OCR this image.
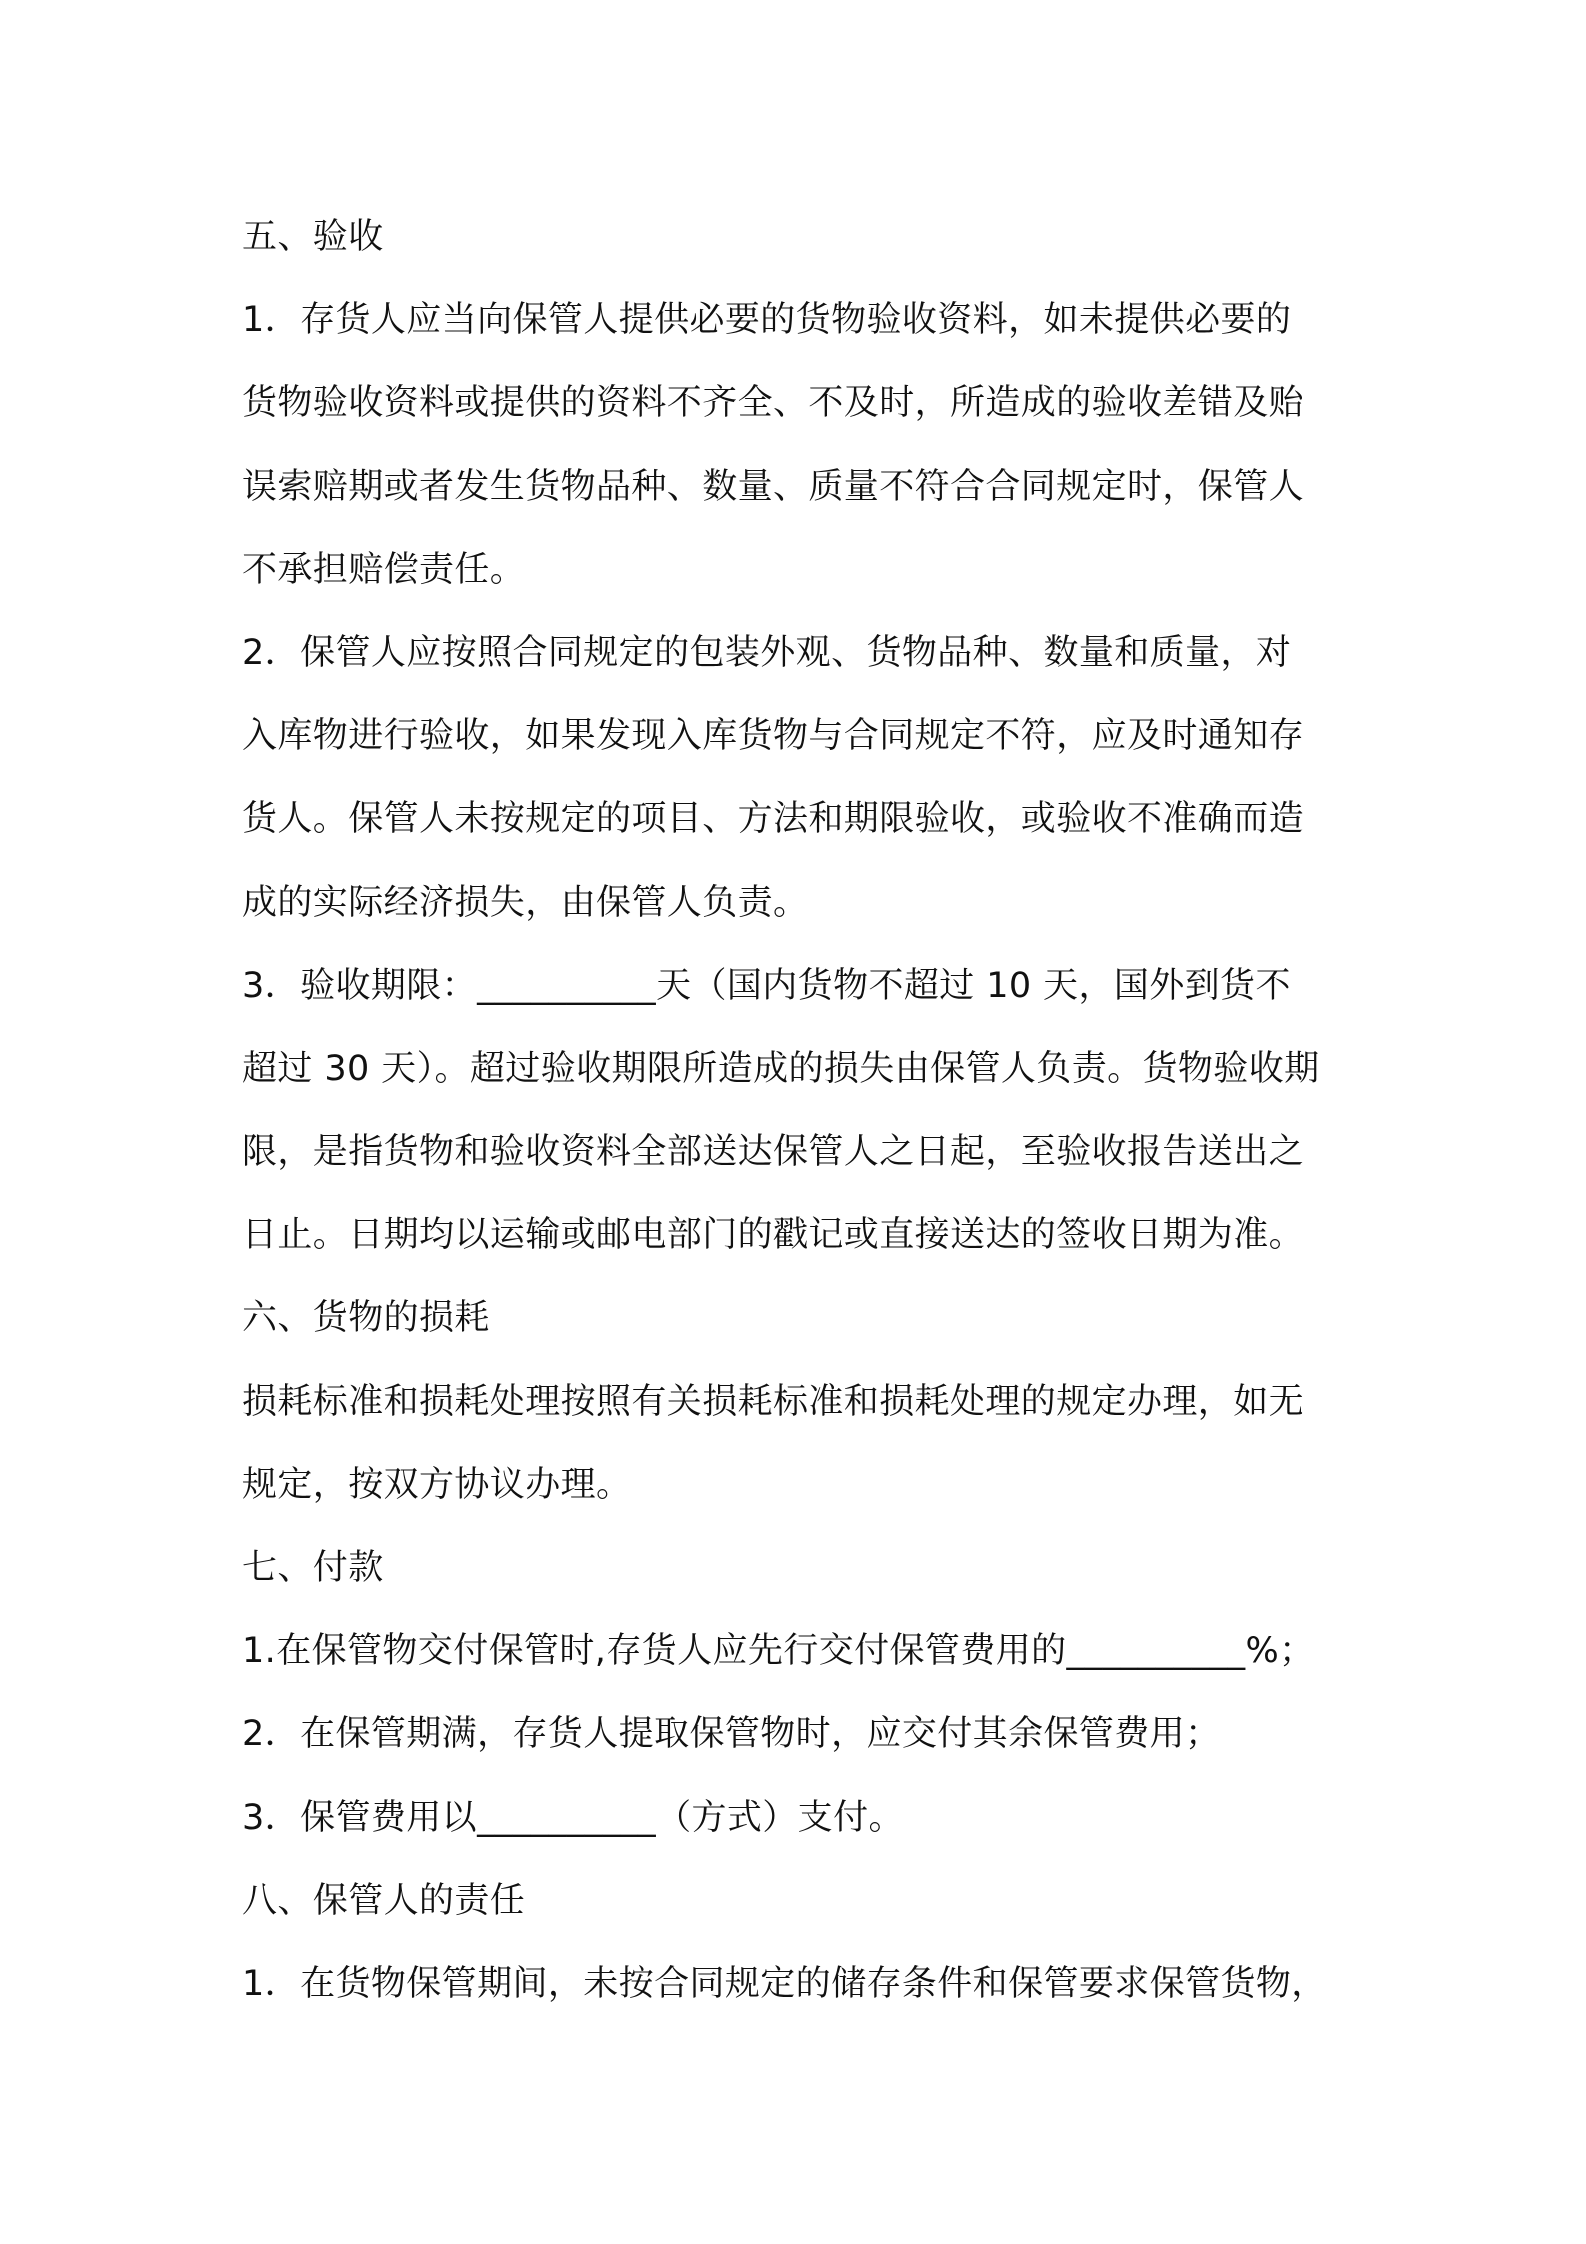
五、验收
1．存货人应当向保管人提供必要的货物验收资料，如未提供必要的
货物验收资料或提供的资料不齐全、不及时，所造成的验收差错及贻
误索赔期或者发生货物品种、数量、质量不符合合同规定时，保管人
不承担赔偿责任。
2．保管人应按照合同规定的包装外观、货物品种、数量和质量，对
入库物进行验收，如果发现入库货物与合同规定不符，应及时通知存
货人。保管人未按规定的项目、方法和期限验收，或验收不准确而造
成的实际经济损失，由保管人负责。
3．验收期限：__________天（国内货物不超过 10 天，国外到货不
超过 30 天）。超过验收期限所造成的损失由保管人负责。货物验收期
限，是指货物和验收资料全部送达保管人之日起，至验收报告送出之
日止。日期均以运输或邮电部门的戳记或直接送达的签收日期为准。
六、货物的损耗
损耗标准和损耗处理按照有关损耗标准和损耗处理的规定办理，如无
规定，按双方协议办理。
七、付款
1.在保管物交付保管时,存货人应先行交付保管费用的__________%；
2．在保管期满，存货人提取保管物时，应交付其余保管费用；
3．保管费用以__________（方式）支付。
八、保管人的责任
1．在货物保管期间，未按合同规定的储存条件和保管要求保管货物，
